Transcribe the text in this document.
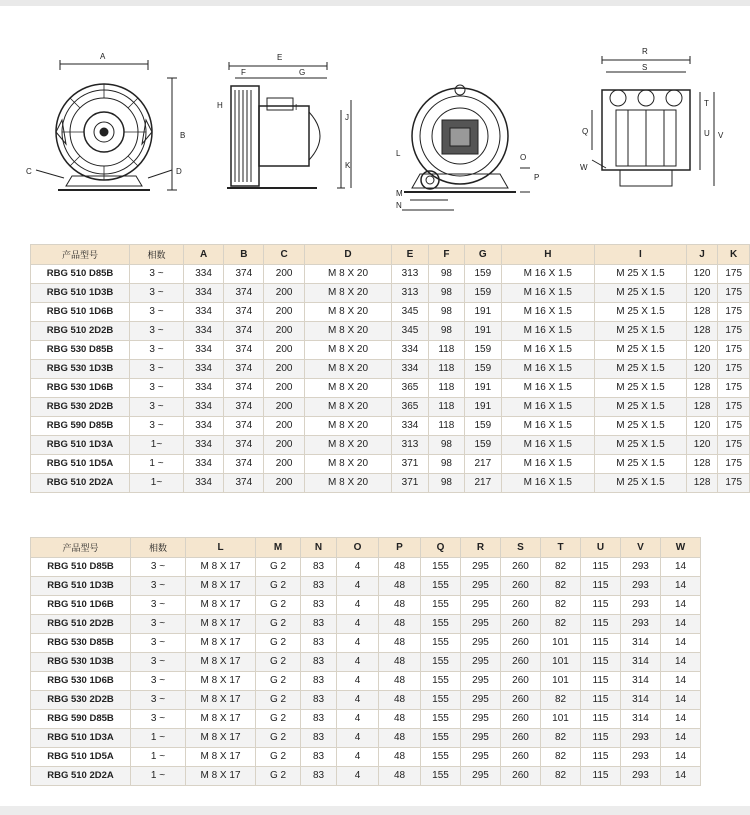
A
B
C	D
E
F	G
H	I
J
K
L
M
N
O
P
R
S
T
U V
W
Q
产品型号	相数	A	B	C	D	E	F	G	H	I	J	K
RBG 510 D85B	3 ~	334	374	200	M 8 X 20	313	98	159	M 16 X 1.5	M 25 X 1.5	120	175
RBG 510 1D3B	3 ~	334	374	200	M 8 X 20	313	98	159	M 16 X 1.5	M 25 X 1.5	120	175
RBG 510 1D6B	3 ~	334	374	200	M 8 X 20	345	98	191	M 16 X 1.5	M 25 X 1.5	128	175
RBG 510 2D2B	3 ~	334	374	200	M 8 X 20	345	98	191	M 16 X 1.5	M 25 X 1.5	128	175
RBG 530 D85B	3 ~	334	374	200	M 8 X 20	334	118	159	M 16 X 1.5	M 25 X 1.5	120	175
RBG 530 1D3B	3 ~	334	374	200	M 8 X 20	334	118	159	M 16 X 1.5	M 25 X 1.5	120	175
RBG 530 1D6B	3 ~	334	374	200	M 8 X 20	365	118	191	M 16 X 1.5	M 25 X 1.5	128	175
RBG 530 2D2B	3 ~	334	374	200	M 8 X 20	365	118	191	M 16 X 1.5	M 25 X 1.5	128	175
RBG 590 D85B	3 ~	334	374	200	M 8 X 20	334	118	159	M 16 X 1.5	M 25 X 1.5	120	175
RBG 510 1D3A	1~	334	374	200	M 8 X 20	313	98	159	M 16 X 1.5	M 25 X 1.5	120	175
RBG 510 1D5A	1 ~	334	374	200	M 8 X 20	371	98	217	M 16 X 1.5	M 25 X 1.5	128	175
RBG 510 2D2A	1~	334	374	200	M 8 X 20	371	98	217	M 16 X 1.5	M 25 X 1.5	128	175
产品型号	相数	L	M	N	O	P	Q	R	S	T	U	V	W
RBG 510 D85B	3 ~	M 8 X 17	G 2	83	4	48	155	295	260	82	115	293	14
RBG 510 1D3B	3 ~	M 8 X 17	G 2	83	4	48	155	295	260	82	115	293	14
RBG 510 1D6B	3 ~	M 8 X 17	G 2	83	4	48	155	295	260	82	115	293	14
RBG 510 2D2B	3 ~	M 8 X 17	G 2	83	4	48	155	295	260	82	115	293	14
RBG 530 D85B	3 ~	M 8 X 17	G 2	83	4	48	155	295	260	101	115	314	14
RBG 530 1D3B	3 ~	M 8 X 17	G 2	83	4	48	155	295	260	101	115	314	14
RBG 530 1D6B	3 ~	M 8 X 17	G 2	83	4	48	155	295	260	101	115	314	14
RBG 530 2D2B	3 ~	M 8 X 17	G 2	83	4	48	155	295	260	82	115	314	14
RBG 590 D85B	3 ~	M 8 X 17	G 2	83	4	48	155	295	260	101	115	314	14
RBG 510 1D3A	1 ~	M 8 X 17	G 2	83	4	48	155	295	260	82	115	293	14
RBG 510 1D5A	1 ~	M 8 X 17	G 2	83	4	48	155	295	260	82	115	293	14
RBG 510 2D2A	1 ~	M 8 X 17	G 2	83	4	48	155	295	260	82	115	293	14
